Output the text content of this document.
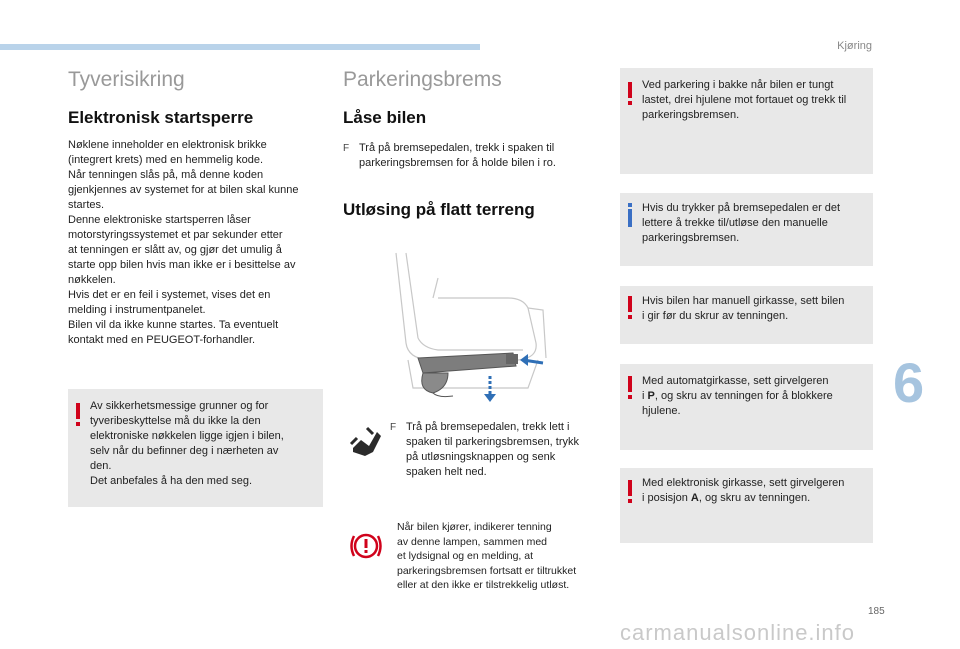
Kjøring
6
185
Tyverisikring
Elektronisk startsperre

Nøklene inneholder en elektronisk brikke
(integrert krets) med en hemmelig kode.
Når tenningen slås på, må denne koden
gjenkjennes av systemet for at bilen skal kunne
startes.
Denne elektroniske startsperren låser
motorstyringssystemet et par sekunder etter
at tenningen er slått av, og gjør det umulig å
starte opp bilen hvis man ikke er i besittelse av
nøkkelen.
Hvis det er en feil i systemet, vises det en
melding i instrumentpanelet.
Bilen vil da ikke kunne startes. Ta eventuelt
kontakt med en PEUGEOT-forhandler.

Av sikkerhetsmessige grunner og for
tyveribeskyttelse må du ikke la den
elektroniske nøkkelen ligge igjen i bilen,
selv når du befinner deg i nærheten av
den.
Det anbefales å ha den med seg.
Parkeringsbrems
Låse bilen
F Trå på bremsepedalen, trekk i spaken til
parkeringsbremsen for å holde bilen i ro.
Utløsing på flatt terreng
F Trå på bremsepedalen, trekk lett i
spaken til parkeringsbremsen, trykk
på utløsningsknappen og senk
spaken helt ned.

Når bilen kjører, indikerer tenning
av denne lampen, sammen med
et lydsignal og en melding, at
parkeringsbremsen fortsatt er tiltrukket
eller at den ikke er tilstrekkelig utløst.

Ved parkering i bakke når bilen er tungt
lastet, drei hjulene mot fortauet og trekk til
parkeringsbremsen.
Hvis du trykker på bremsepedalen er det
lettere å trekke til/utløse den manuelle
parkeringsbremsen.
Hvis bilen har manuell girkasse, sett bilen
i gir før du skrur av tenningen.
Med automatgirkasse, sett girvelgeren
i P, og skru av tenningen for å blokkere
hjulene.
Med elektronisk girkasse, sett girvelgeren
i posisjon A, og skru av tenningen.
carmanualsonline.info
